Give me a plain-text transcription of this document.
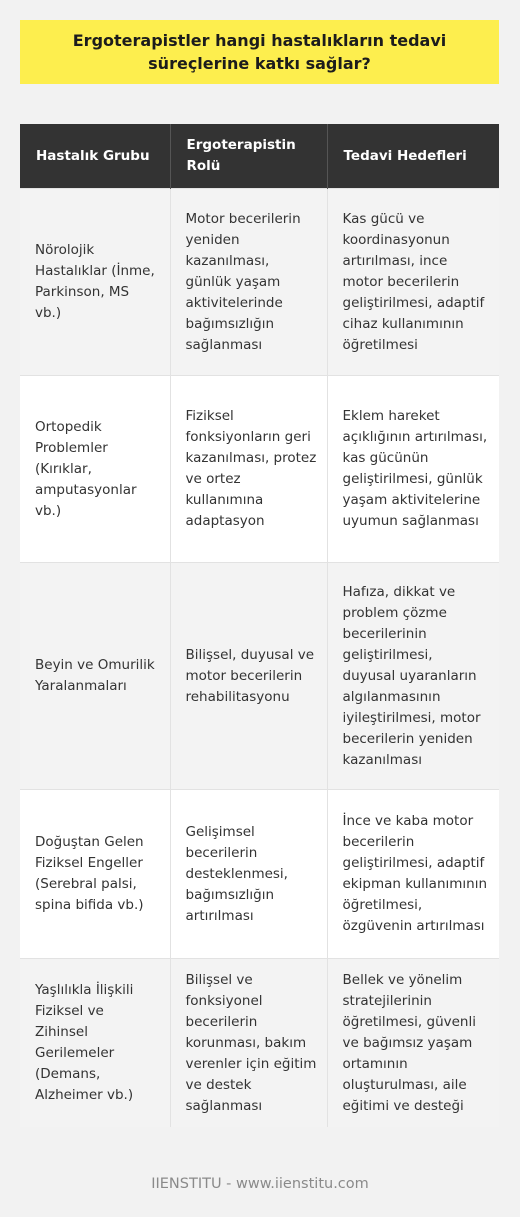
Ergoterapistler hangi hastalıkların tedavi süreçlerine katkı sağlar?
Hastalık Grubu	Ergoterapistin Rolü	Tedavi Hedefleri
Nörolojik Hastalıklar (İnme, Parkinson, MS vb.)	Motor becerilerin yeniden kazanılması, günlük yaşam aktivitelerinde bağımsızlığın sağlanması	Kas gücü ve koordinasyonun artırılması, ince motor becerilerin geliştirilmesi, adaptif cihaz kullanımının öğretilmesi
Ortopedik Problemler (Kırıklar, amputasyonlar vb.)	Fiziksel fonksiyonların geri kazanılması, protez ve ortez kullanımına adaptasyon	Eklem hareket açıklığının artırılması, kas gücünün geliştirilmesi, günlük yaşam aktivitelerine uyumun sağlanması
Beyin ve Omurilik Yaralanmaları	Bilişsel, duyusal ve motor becerilerin rehabilitasyonu	Hafıza, dikkat ve problem çözme becerilerinin geliştirilmesi, duyusal uyaranların algılanmasının iyileştirilmesi, motor becerilerin yeniden kazanılması
Doğuştan Gelen Fiziksel Engeller (Serebral palsi, spina bifida vb.)	Gelişimsel becerilerin desteklenmesi, bağımsızlığın artırılması	İnce ve kaba motor becerilerin geliştirilmesi, adaptif ekipman kullanımının öğretilmesi, özgüvenin artırılması
Yaşlılıkla İlişkili Fiziksel ve Zihinsel Gerilemeler (Demans, Alzheimer vb.)	Bilişsel ve fonksiyonel becerilerin korunması, bakım verenler için eğitim ve destek sağlanması	Bellek ve yönelim stratejilerinin öğretilmesi, güvenli ve bağımsız yaşam ortamının oluşturulması, aile eğitimi ve desteği
IIENSTITU - www.iienstitu.com
